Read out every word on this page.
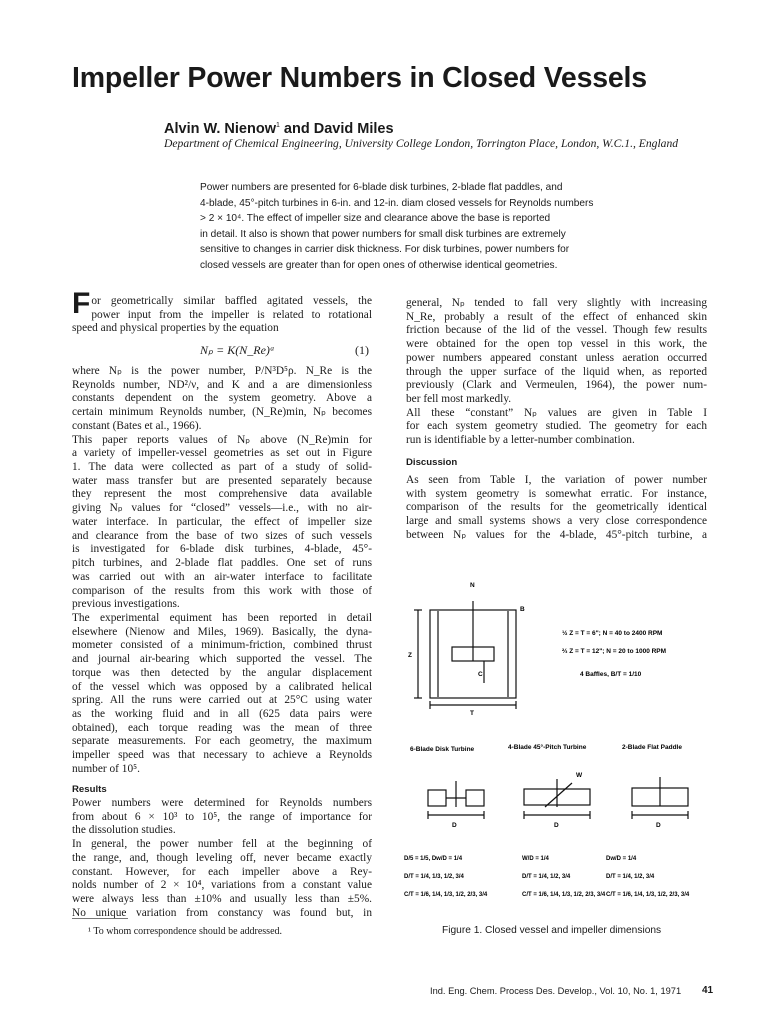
Impeller Power Numbers in Closed Vessels
Alvin W. Nienow$^1$ and David Miles
Department of Chemical Engineering, University College London, Torrington Place, London, W.C.1., England
Power numbers are presented for 6-blade disk turbines, 2-blade flat paddles, and
4-blade, 45°-pitch turbines in 6-in. and 12-in. diam closed vessels for Reynolds numbers
> 2 × 10⁴. The effect of impeller size and clearance above the base is reported
in detail. It also is shown that power numbers for small disk turbines are extremely
sensitive to changes in carrier disk thickness. For disk turbines, power numbers for
closed vessels are greater than for open ones of otherwise identical geometries.
F or geometrically similar baffled agitated vessels, the
power input from the impeller is related to rotational
speed and physical properties by the equation
Nₚ = K(N_Re)ᵃ	(1)
where Nₚ is the power number, P/N³D⁵ρ. N_Re is the
Reynolds number, ND²/ν, and K and a are dimensionless
constants dependent on the system geometry. Above a
certain minimum Reynolds number, (N_Re)min, Nₚ becomes
constant (Bates et al., 1966).
This paper reports values of Nₚ above (N_Re)min for
a variety of impeller-vessel geometries as set out in Figure
1. The data were collected as part of a study of solid-
water mass transfer but are presented separately because
they represent the most comprehensive data available
giving Nₚ values for “closed” vessels—i.e., with no air-
water interface. In particular, the effect of impeller size
and clearance from the base of two sizes of such vessels
is investigated for 6-blade disk turbines, 4-blade, 45°-
pitch turbines, and 2-blade flat paddles. One set of runs
was carried out with an air-water interface to facilitate
comparison of the results from this work with those of
previous investigations.
The experimental equiment has been reported in detail
elsewhere (Nienow and Miles, 1969). Basically, the dyna-
mometer consisted of a minimum-friction, combined thrust
and journal air-bearing which supported the vessel. The
torque was then detected by the angular displacement
of the vessel which was opposed by a calibrated helical
spring. All the runs were carried out at 25°C using water
as the working fluid and in all (625 data pairs were
obtained), each torque reading was the mean of three
separate measurements. For each geometry, the maximum
impeller speed was that necessary to achieve a Reynolds
number of 10⁵.
Results
Power numbers were determined for Reynolds numbers
from about 6 × 10³ to 10⁵, the range of importance for
the dissolution studies.
In general, the power number fell at the beginning of
the range, and, though leveling off, never became exactly
constant. However, for each impeller above a Rey-
nolds number of 2 × 10⁴, variations from a constant value
were always less than ±10% and usually less than ±5%.
No unique variation from constancy was found but, in
¹ To whom correspondence should be addressed.
general, Nₚ tended to fall very slightly with increasing
N_Re, probably a result of the effect of enhanced skin
friction because of the lid of the vessel. Though few results
were obtained for the open top vessel in this work, the
power numbers appeared constant unless aeration occurred
through the upper surface of the liquid when, as reported
previously (Clark and Vermeulen, 1964), the power num-
ber fell most markedly.
All these “constant” Nₚ values are given in Table I
for each system geometry studied. The geometry for each
run is identifiable by a letter-number combination.
Discussion
As seen from Table I, the variation of power number
with system geometry is somewhat erratic. For instance,
comparison of the results for the geometrically identical
large and small systems shows a very close correspondence
between Nₚ values for the 4-blade, 45°-pitch turbine, a
N
B
Z
C
T
½ Z = T = 6"; N = 40 to 2400 RPM
⅔ Z = T = 12"; N = 20 to 1000 RPM
4 Baffles, B/T = 1/10
6-Blade Disk Turbine	4-Blade 45°-Pitch Turbine	2-Blade Flat Paddle
D	D	D
W
D/5 = 1/5, Dw/D = 1/4
D/T = 1/4, 1/3, 1/2, 3/4
C/T = 1/6, 1/4, 1/3, 1/2, 2/3, 3/4
W/D = 1/4
D/T = 1/4, 1/2, 3/4
C/T = 1/6, 1/4, 1/3, 1/2, 2/3, 3/4
Dw/D = 1/4
D/T = 1/4, 1/2, 3/4
C/T = 1/6, 1/4, 1/3, 1/2, 2/3, 3/4
Figure 1. Closed vessel and impeller dimensions
Ind. Eng. Chem. Process Des. Develop., Vol. 10, No. 1, 1971 41
